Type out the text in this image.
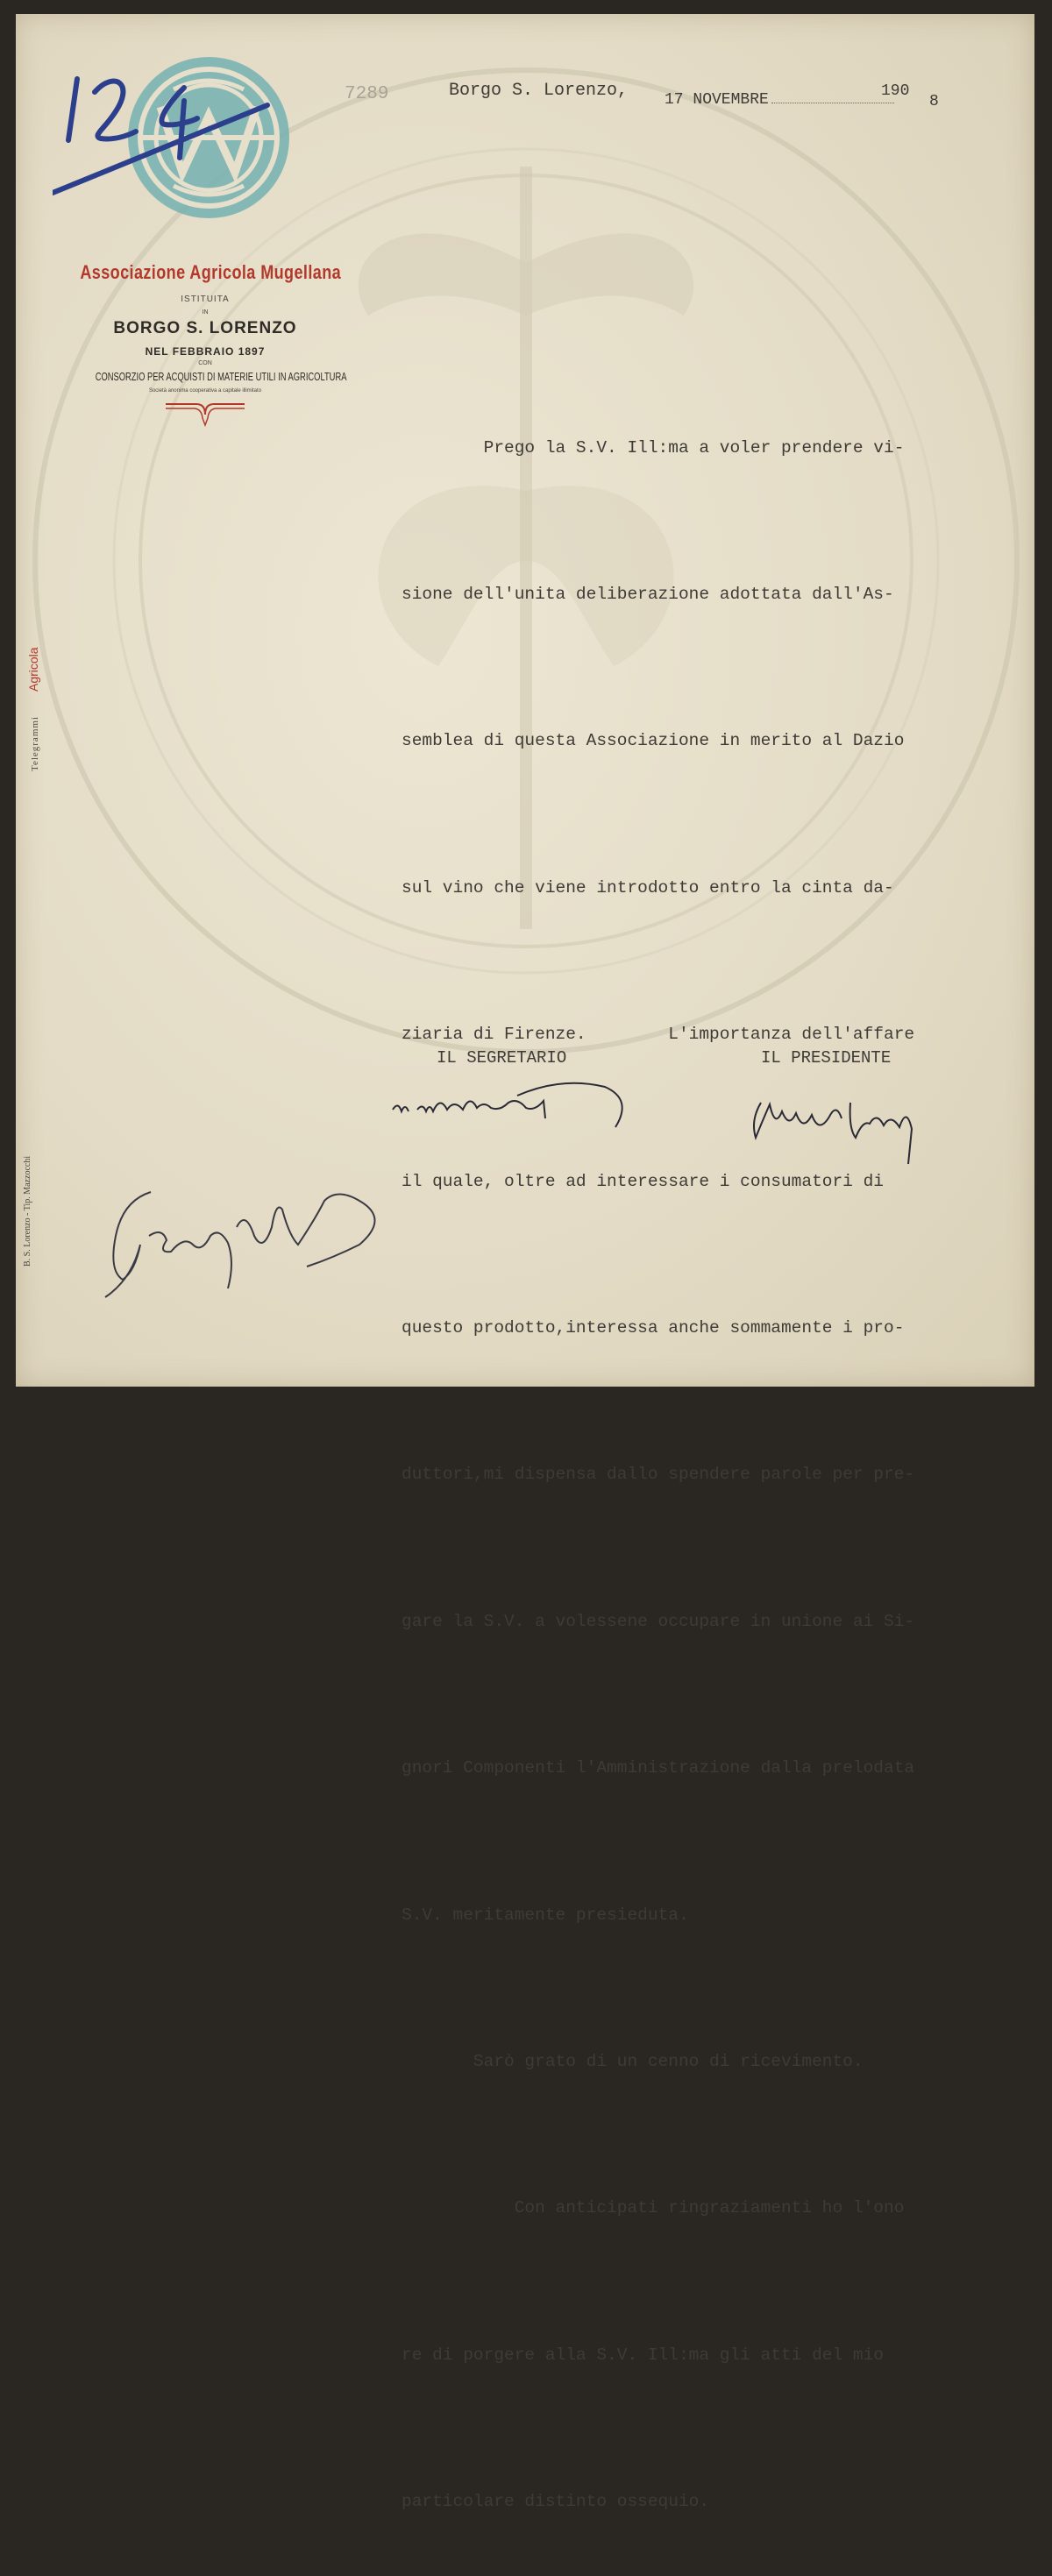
Associazione Agricola Mugellana
ISTITUITA
IN
BORGO S. LORENZO
NEL FEBBRAIO 1897
CON
CONSORZIO PER ACQUISTI DI MATERIE UTILI IN AGRICOLTURA
Società anonima cooperativa a capitale illimitato
Telegrammi Agricola
B. S. Lorenzo - Tip. Mazzocchi
7289	Borgo S. Lorenzo, 17 NOVEMBRE	190
8

Prego la S.V. Ill:ma a voler prendere vi-

sione dell'unita deliberazione adottata dall'As-

semblea di questa Associazione in merito al Dazio

sul vino che viene introdotto entro la cinta da-

ziaria di Firenze.        L'importanza dell'affare

il quale, oltre ad interessare i consumatori di

questo prodotto,interessa anche sommamente i pro-

duttori,mi dispensa dallo spendere parole per pre-

gare la S.V. a volessene occupare in unione ai Si-

gnori Componenti l'Amministrazione dalla prelodata

S.V. meritamente presieduta.

Sarò grato di un cenno di ricevimento.

Con anticipati ringraziamenti ho l'ono

re di porgere alla S.V. Ill:ma gli atti del mio

particolare distinto ossequio.

IL SEGRETARIO	IL PRESIDENTE
